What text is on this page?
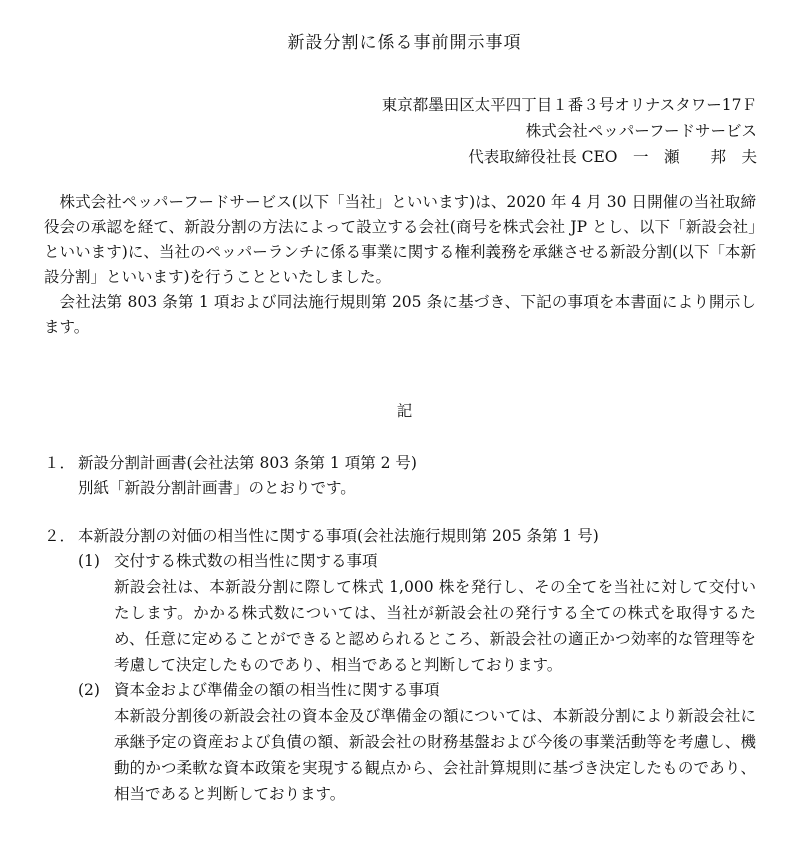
新設分割に係る事前開示事項
東京都墨田区太平四丁目１番３号オリナスタワー17Ｆ
株式会社ペッパーフードサービス
代表取締役社長 CEO　一　瀬　　邦　夫

株式会社ペッパーフードサービス(以下「当社」といいます)は、2020 年 4 月 30 日開催の当社取締役会の承認を経て、新設分割の方法によって設立する会社(商号を株式会社 JP とし、以下「新設会社」といいます)に、当社のペッパーランチに係る事業に関する権利義務を承継させる新設分割(以下「本新設分割」といいます)を行うことといたしました。

会社法第 803 条第 1 項および同法施行規則第 205 条に基づき、下記の事項を本書面により開示します。

記
１． 新設分割計画書(会社法第 803 条第 1 項第 2 号)
別紙「新設分割計画書」のとおりです。
２． 本新設分割の対価の相当性に関する事項(会社法施行規則第 205 条第 1 号)
(1) 交付する株式数の相当性に関する事項
新設会社は、本新設分割に際して株式 1,000 株を発行し、その全てを当社に対して交付いたします。かかる株式数については、当社が新設会社の発行する全ての株式を取得するため、任意に定めることができると認められるところ、新設会社の適正かつ効率的な管理等を考慮して決定したものであり、相当であると判断しております。
(2) 資本金および準備金の額の相当性に関する事項
本新設分割後の新設会社の資本金及び準備金の額については、本新設分割により新設会社に承継予定の資産および負債の額、新設会社の財務基盤および今後の事業活動等を考慮し、機動的かつ柔軟な資本政策を実現する観点から、会社計算規則に基づき決定したものであり、相当であると判断しております。
